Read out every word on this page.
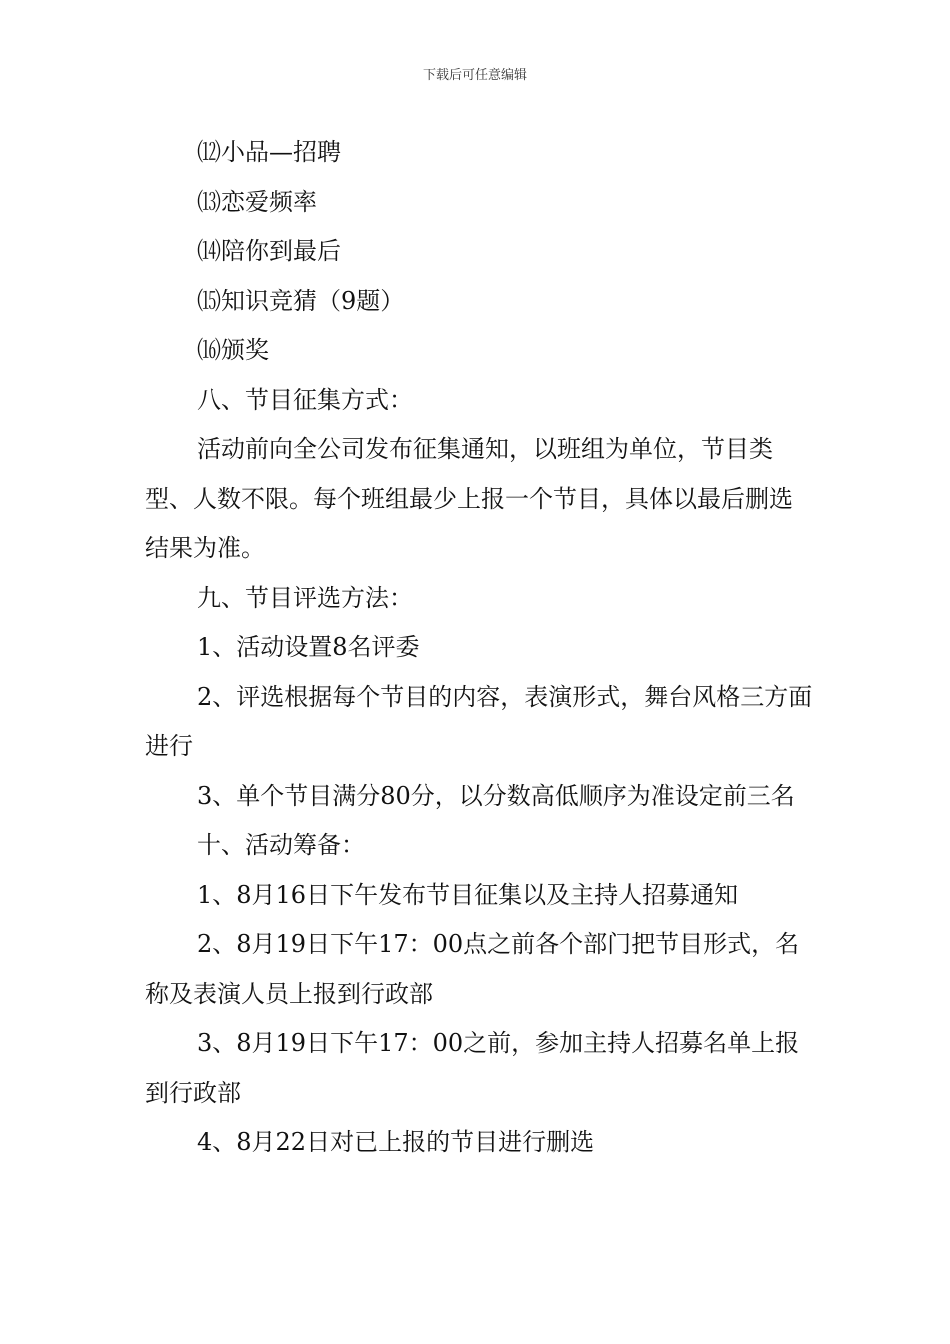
下载后可任意编辑

⑿小品—招聘

⒀恋爱频率

⒁陪你到最后

⒂知识竞猜（9题）

⒃颁奖

八、节目征集方式：

活动前向全公司发布征集通知，以班组为单位，节目类型、人数不限。每个班组最少上报一个节目，具体以最后删选结果为准。

九、节目评选方法：

1、活动设置8名评委

2、评选根据每个节目的内容，表演形式，舞台风格三方面进行

3、单个节目满分80分，以分数高低顺序为准设定前三名

十、活动筹备：

1、8月16日下午发布节目征集以及主持人招募通知

2、8月19日下午17：00点之前各个部门把节目形式，名称及表演人员上报到行政部

3、8月19日下午17：00之前，参加主持人招募名单上报到行政部

4、8月22日对已上报的节目进行删选
